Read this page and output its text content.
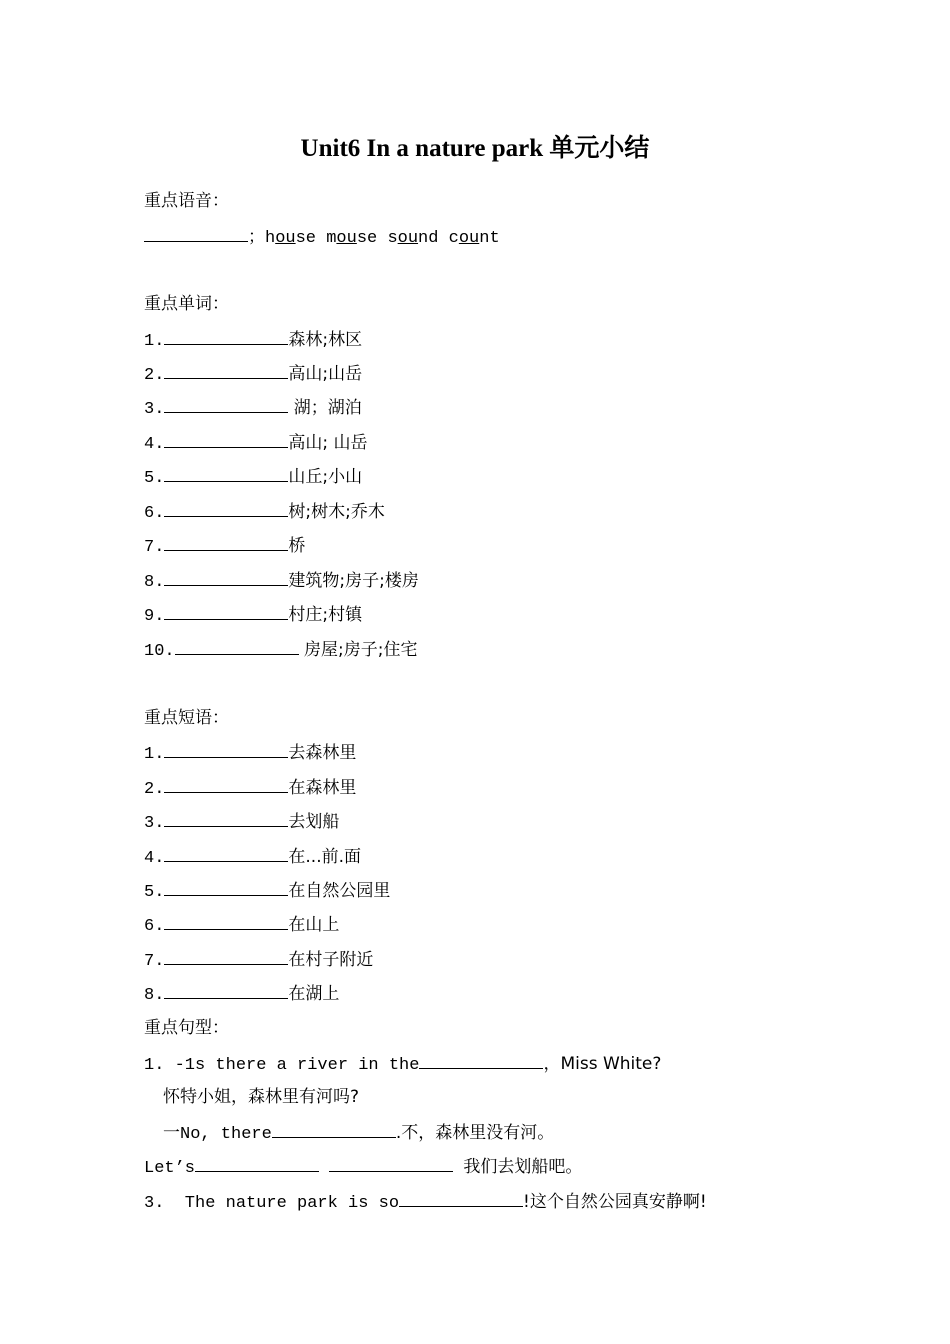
Unit6 In a nature park 单元小结
重点语音：
；house mouse sound count
重点单词：
1.	森林;林区
2.	高山;山岳
3.	湖；湖泊
4.	高山; 山岳
5.	山丘;小山
6.	树;树木;乔木
7.	桥
8.	建筑物;房子;楼房
9.	村庄;村镇
10.	房屋;房子;住宅
重点短语：
1.	去森林里
2.	在森林里
3.	去划船
4.	在...前.面
5.	在自然公园里
6.	在山上
7.	在村子附近
8.	在湖上
重点句型：
1. -1s there a river in the	，Miss White?
怀特小姐，森林里有河吗?
一No, there	.不，森林里没有河。
Let’s	我们去划船吧。
3.  The nature park is so	!这个自然公园真安静啊!
